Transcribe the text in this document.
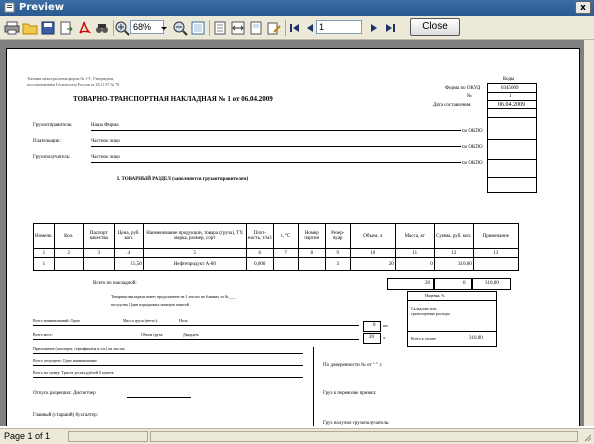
Preview	x
68%	1	Close
Типовая межотраслевая форма № 1-Т. Утверждена
постановлением Госкомстата России от 28.11.97 № 78
Коды
Форма по ОКУД	0345009
№	1
Дата составления	06.04.2009
ТОВАРНО-ТРАНСПОРТНАЯ НАКЛАДНАЯ № 1 от 06.04.2009
Грузоотправитель:	Наша Фирма
по ОКПО
Плательщик:	Частное лицо
по ОКПО
Грузополучатель:	Частное лицо
по ОКПО
I. ТОВАРНЫЙ РАЗДЕЛ (заполняется грузоотправителем)
Номенк.	Кол.	Паспорт качества	Цена, руб. коп.	Наименование продукции, товара (груза), ТУ, марка, размер, сорт	Плот- ность, т/м3	t, °C	Номер партии	Резер- вуар	Объем, л	Масса, кг	Сумма, руб. коп.	Примечание
1	2	3	4	5	6	7	8	9	10	11	12	13
1			15,50	Нефтепродукт А-80	0,000			3	20	0	310,00	
Всего по накладной:	20	0	310,00
Товарная накладная имеет продолжение на 1 листах на бланках за № ___
поседства Один порядковых номеров записей
Наценка, %
Складские или транспортные расходы
Всего к оплате	310,00
0 шт.
20 л.
Всего наименований: Один	Масса груза (нетто):	Ноль
Всего мест:	Объем груза:	Двадцать
Приложение (паспорта, сертификаты и т.п.) на листах
Всего отпущено: Одно наименование
Всего на сумму: Триста десять рублей 0 копеек
Отпуск разрешил: Диспетчер
Главный (старший) бухгалтер:
По доверенности № от " " г.
Груз к перевозке принял:
Груз получил грузополучатель:
Page 1 of 1
